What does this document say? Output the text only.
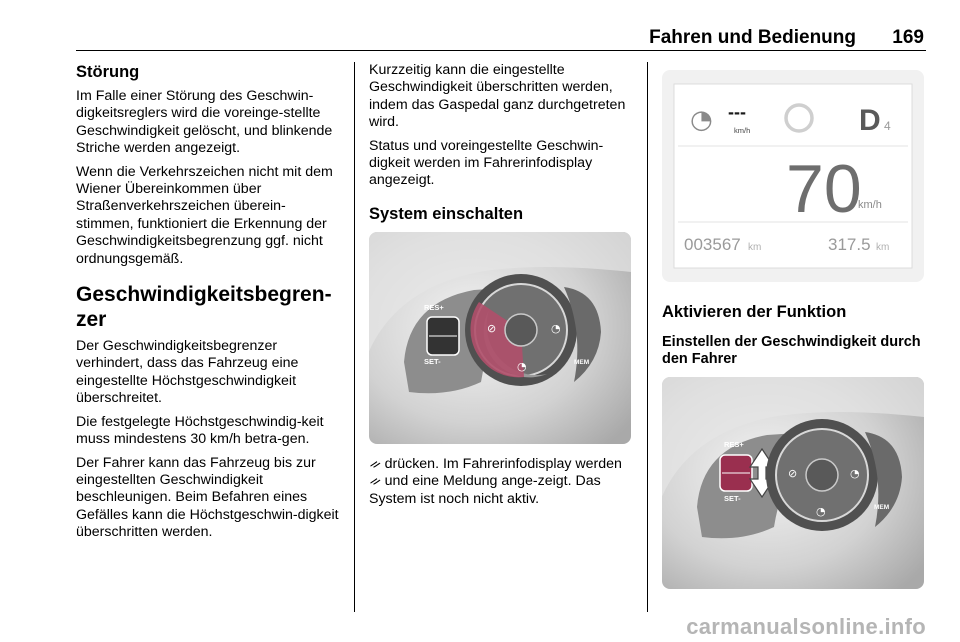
Fahren und Bedienung 169
Störung

Im Falle einer Störung des Geschwin-digkeitsreglers wird die voreinge-stellte Geschwindigkeit gelöscht, und blinkende Striche werden angezeigt.

Wenn die Verkehrszeichen nicht mit dem Wiener Übereinkommen über Straßenverkehrszeichen überein-stimmen, funktioniert die Erkennung der Geschwindigkeitsbegrenzung ggf. nicht ordnungsgemäß.

Geschwindigkeitsbegren-zer

Der Geschwindigkeitsbegrenzer verhindert, dass das Fahrzeug eine eingestellte Höchstgeschwindigkeit überschreitet.

Die festgelegte Höchstgeschwindig-keit muss mindestens 30 km/h betra-gen.

Der Fahrer kann das Fahrzeug bis zur eingestellten Geschwindigkeit beschleunigen. Beim Befahren eines Gefälles kann die Höchstgeschwin-digkeit überschritten werden.

Kurzzeitig kann die eingestellte Geschwindigkeit überschritten werden, indem das Gaspedal ganz durchgetreten wird.

Status und voreingestellte Geschwin-digkeit werden im Fahrerinfodisplay angezeigt.

System einschalten
RES+
SET-
⊘
◔
◔
MEM

ᨀ drücken. Im Fahrerinfodisplay werden ᨀ und eine Meldung ange-zeigt. Das System ist noch nicht aktiv.

◔ ---
km/h	D 4
70
km/h
003567 km	317.5 km
Aktivieren der Funktion
Einstellen der Geschwindigkeit durch den Fahrer
RES+
SET-
⊘
◔
◔
MEM
carmanualsonline.info
